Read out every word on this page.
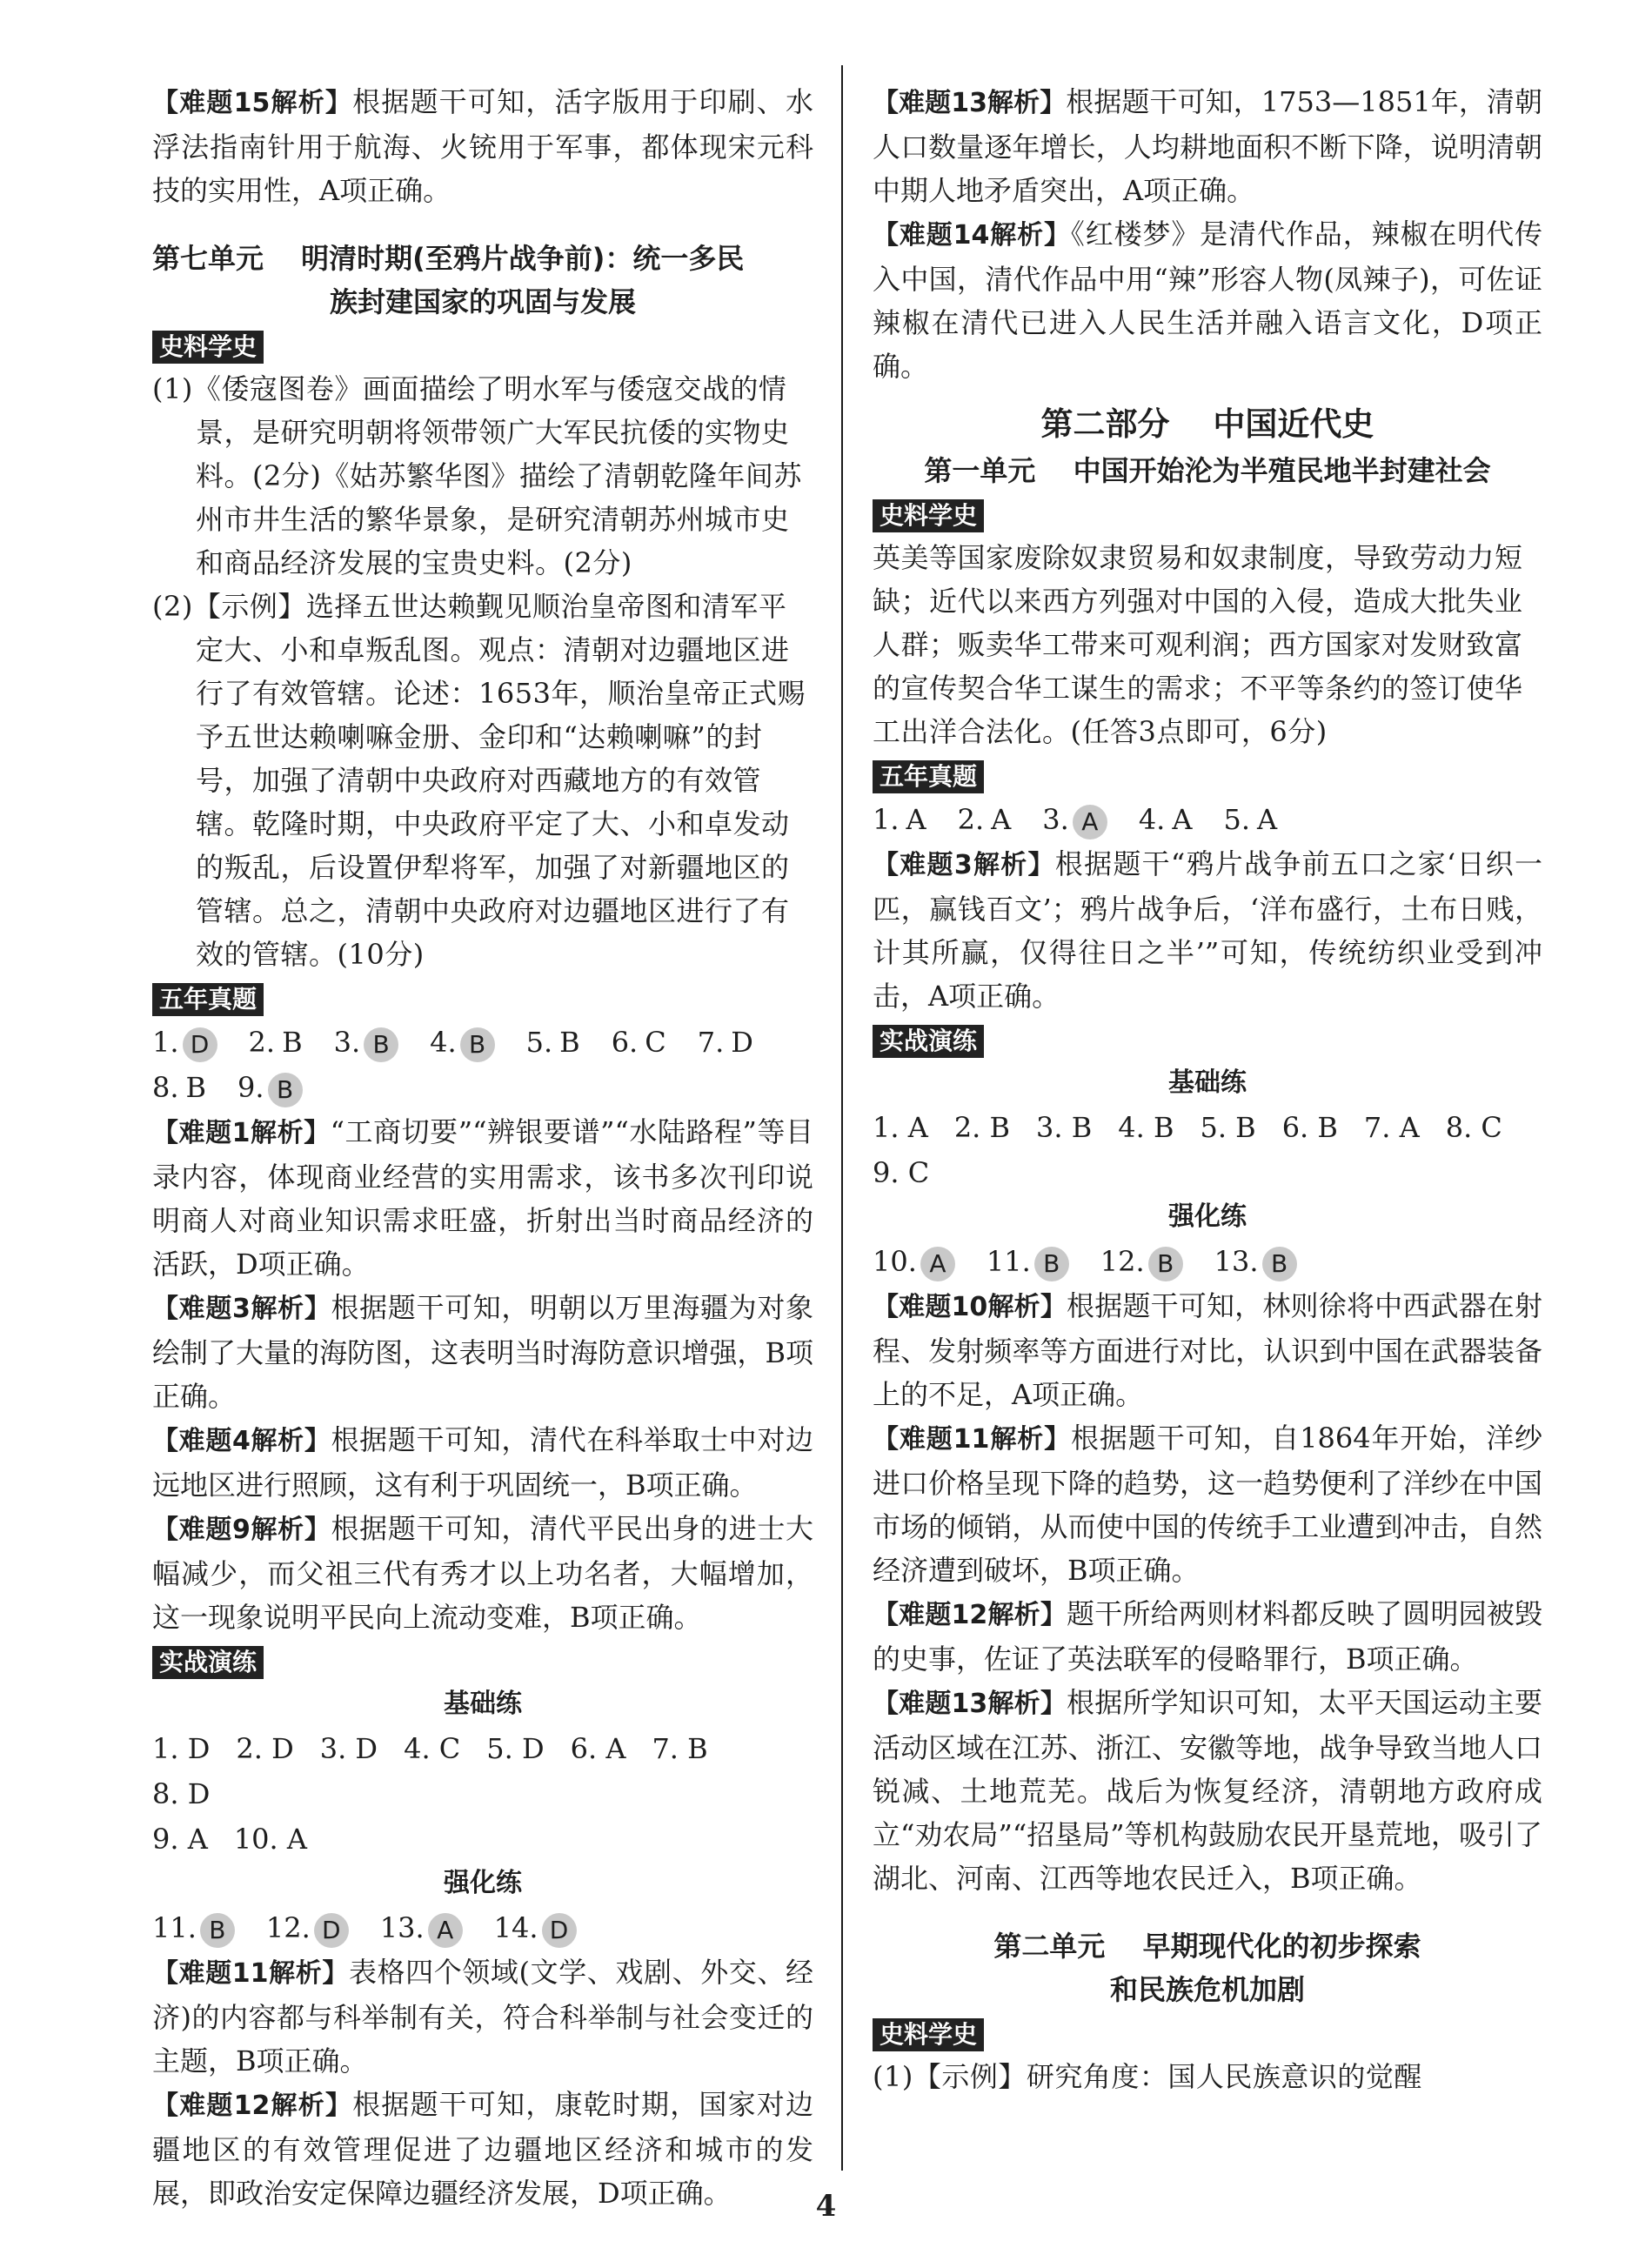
【难题15解析】根据题干可知，活字版用于印刷、水浮法指南针用于航海、火铳用于军事，都体现宋元科技的实用性，A项正确。

第七单元　 明清时期(至鸦片战争前)：统一多民

族封建国家的巩固与发展

史料学史

(1)《倭寇图卷》画面描绘了明水军与倭寇交战的情景，是研究明朝将领带领广大军民抗倭的实物史料。(2分)《姑苏繁华图》描绘了清朝乾隆年间苏州市井生活的繁华景象，是研究清朝苏州城市史和商品经济发展的宝贵史料。(2分)

(2)【示例】选择五世达赖觐见顺治皇帝图和清军平定大、小和卓叛乱图。观点：清朝对边疆地区进行了有效管辖。论述：1653年，顺治皇帝正式赐予五世达赖喇嘛金册、金印和“达赖喇嘛”的封号，加强了清朝中央政府对西藏地方的有效管辖。乾隆时期，中央政府平定了大、小和卓发动的叛乱，后设置伊犁将军，加强了对新疆地区的管辖。总之，清朝中央政府对边疆地区进行了有效的管辖。(10分)

五年真题
1. D 2. B 3. B	4. B	5. B 6. C 7. D
8. B 9. B

【难题1解析】“工商切要”“辨银要谱”“水陆路程”等目录内容，体现商业经营的实用需求，该书多次刊印说明商人对商业知识需求旺盛，折射出当时商品经济的活跃，D项正确。

【难题3解析】根据题干可知，明朝以万里海疆为对象绘制了大量的海防图，这表明当时海防意识增强，B项正确。

【难题4解析】根据题干可知，清代在科举取士中对边远地区进行照顾，这有利于巩固统一，B项正确。

【难题9解析】根据题干可知，清代平民出身的进士大幅减少，而父祖三代有秀才以上功名者，大幅增加，这一现象说明平民向上流动变难，B项正确。

实战演练

基础练

1. D 2. D 3. D 4. C 5. D 6. A 7. B
8. D
9. A 10. A

强化练

11. B	12. D 13. A	14. D

【难题11解析】表格四个领域(文学、戏剧、外交、经济)的内容都与科举制有关，符合科举制与社会变迁的主题，B项正确。

【难题12解析】根据题干可知，康乾时期，国家对边疆地区的有效管理促进了边疆地区经济和城市的发展，即政治安定保障边疆经济发展，D项正确。

【难题13解析】根据题干可知，1753—1851年，清朝人口数量逐年增长，人均耕地面积不断下降，说明清朝中期人地矛盾突出，A项正确。

【难题14解析】《红楼梦》是清代作品，辣椒在明代传入中国，清代作品中用“辣”形容人物(凤辣子)，可佐证辣椒在清代已进入人民生活并融入语言文化，D项正确。

第二部分　 中国近代史

第一单元　 中国开始沦为半殖民地半封建社会

史料学史

英美等国家废除奴隶贸易和奴隶制度，导致劳动力短缺；近代以来西方列强对中国的入侵，造成大批失业人群；贩卖华工带来可观利润；西方国家对发财致富的宣传契合华工谋生的需求；不平等条约的签订使华工出洋合法化。(任答3点即可，6分)

五年真题
1. A 2. A 3. A	4. A 5. A

【难题3解析】根据题干“鸦片战争前五口之家‘日织一匹，赢钱百文’；鸦片战争后，‘洋布盛行，土布日贱，计其所赢，仅得往日之半’”可知，传统纺织业受到冲击，A项正确。

实战演练

基础练

1. A 2. B 3. B 4. B 5. B 6. B 7. A 8. C
9. C

强化练

10. A	11. B	12. B	13. B

【难题10解析】根据题干可知，林则徐将中西武器在射程、发射频率等方面进行对比，认识到中国在武器装备上的不足，A项正确。

【难题11解析】根据题干可知，自1864年开始，洋纱进口价格呈现下降的趋势，这一趋势便利了洋纱在中国市场的倾销，从而使中国的传统手工业遭到冲击，自然经济遭到破坏，B项正确。

【难题12解析】题干所给两则材料都反映了圆明园被毁的史事，佐证了英法联军的侵略罪行，B项正确。

【难题13解析】根据所学知识可知，太平天国运动主要活动区域在江苏、浙江、安徽等地，战争导致当地人口锐减、土地荒芜。战后为恢复经济，清朝地方政府成立“劝农局”“招垦局”等机构鼓励农民开垦荒地，吸引了湖北、河南、江西等地农民迁入，B项正确。

第二单元　 早期现代化的初步探索

和民族危机加剧

史料学史

(1)【示例】研究角度：国人民族意识的觉醒

4
